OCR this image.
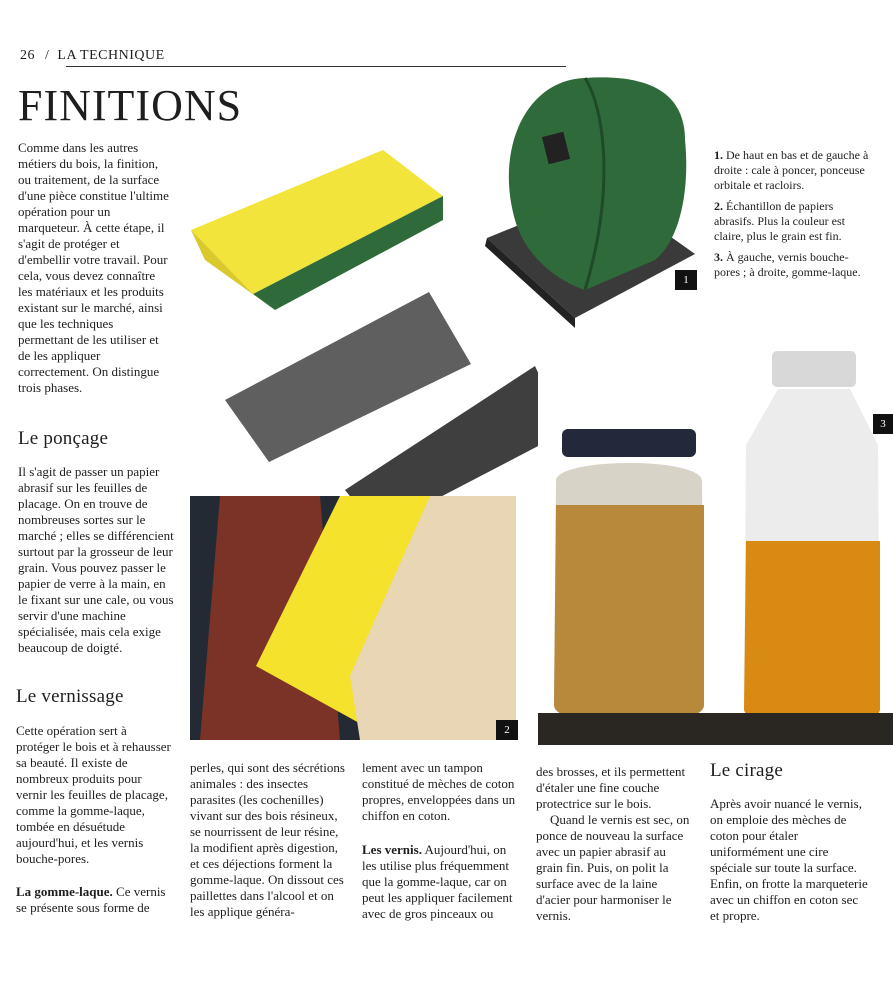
26 / LA TECHNIQUE
FINITIONS

Comme dans les autres métiers du bois, la finition, ou traitement, de la surface d'une pièce constitue l'ultime opération pour un marqueteur. À cette étape, il s'agit de protéger et d'embellir votre travail. Pour cela, vous devez connaître les matériaux et les produits existant sur le marché, ainsi que les techniques permettant de les utiliser et de les appliquer correctement. On distingue trois phases.

Le ponçage

Il s'agit de passer un papier abrasif sur les feuilles de placage. On en trouve de nombreuses sortes sur le marché ; elles se différencient surtout par la grosseur de leur grain. Vous pouvez passer le papier de verre à la main, en le fixant sur une cale, ou vous servir d'une machine spécialisée, mais cela exige beaucoup de doigté.

Le vernissage

Cette opération sert à protéger le bois et à rehausser sa beauté. Il existe de nombreux produits pour vernir les feuilles de placage, comme la gomme-laque, tombée en désuétude aujourd'hui, et les vernis bouche-pores.

La gomme-laque. Ce vernis se présente sous forme de

perles, qui sont des sécrétions animales : des insectes parasites (les cochenilles) vivant sur des bois résineux, se nourrissent de leur résine, la modifient après digestion, et ces déjections forment la gomme-laque. On dissout ces paillettes dans l'alcool et on les applique généra-

lement avec un tampon constitué de mèches de coton propres, enveloppées dans un chiffon en coton.

Les vernis. Aujourd'hui, on les utilise plus fréquemment que la gomme-laque, car on peut les appliquer facilement avec de gros pinceaux ou

des brosses, et ils permettent d'étaler une fine couche protectrice sur le bois.

Quand le vernis est sec, on ponce de nouveau la surface avec un papier abrasif au grain fin. Puis, on polit la surface avec de la laine d'acier pour harmoniser le vernis.

Le cirage

Après avoir nuancé le vernis, on emploie des mèches de coton pour étaler uniformément une cire spéciale sur toute la surface. Enfin, on frotte la marqueterie avec un chiffon en coton sec et propre.

1. De haut en bas et de gauche à droite : cale à poncer, ponceuse orbitale et racloirs.

2. Échantillon de papiers abrasifs. Plus la couleur est claire, plus le grain est fin.

3. À gauche, vernis bouche-pores ; à droite, gomme-laque.

1
2
3
